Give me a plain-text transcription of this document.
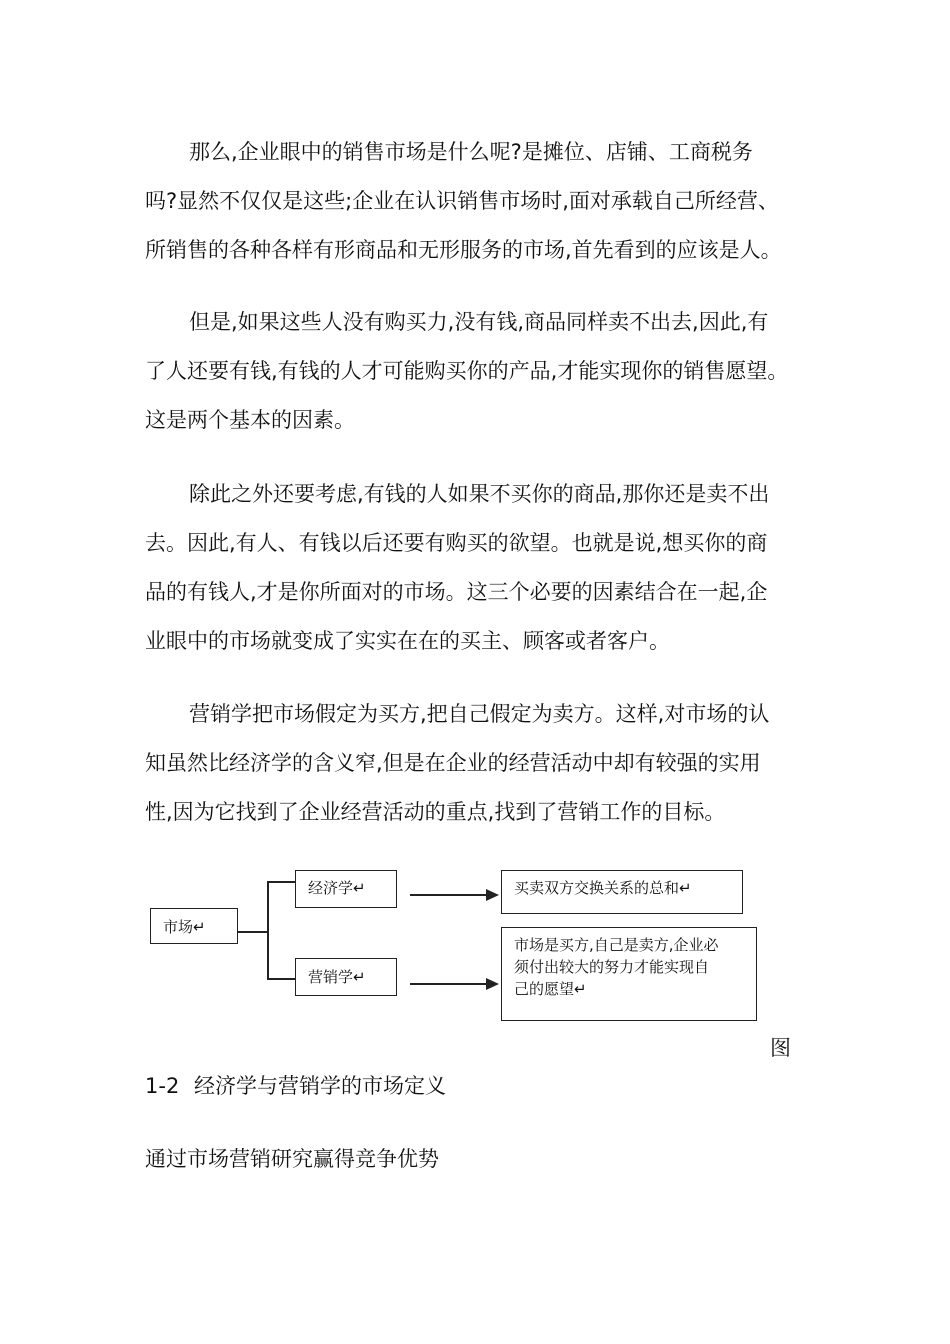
那么,企业眼中的销售市场是什么呢?是摊位、店铺、工商税务
吗?显然不仅仅是这些;企业在认识销售市场时,面对承载自己所经营、
所销售的各种各样有形商品和无形服务的市场,首先看到的应该是人。

但是,如果这些人没有购买力,没有钱,商品同样卖不出去,因此,有
了人还要有钱,有钱的人才可能购买你的产品,才能实现你的销售愿望。
这是两个基本的因素。

除此之外还要考虑,有钱的人如果不买你的商品,那你还是卖不出
去。因此,有人、有钱以后还要有购买的欲望。也就是说,想买你的商
品的有钱人,才是你所面对的市场。这三个必要的因素结合在一起,企
业眼中的市场就变成了实实在在的买主、顾客或者客户。

营销学把市场假定为买方,把自己假定为卖方。这样,对市场的认
知虽然比经济学的含义窄,但是在企业的经营活动中却有较强的实用
性,因为它找到了企业经营活动的重点,找到了营销工作的目标。

市场↵
经济学↵
营销学↵
买卖双方交换关系的总和↵
市场是买方,自己是卖方,企业必
须付出较大的努力才能实现自
己的愿望↵
图
1-2 经济学与营销学的市场定义
通过市场营销研究赢得竞争优势
